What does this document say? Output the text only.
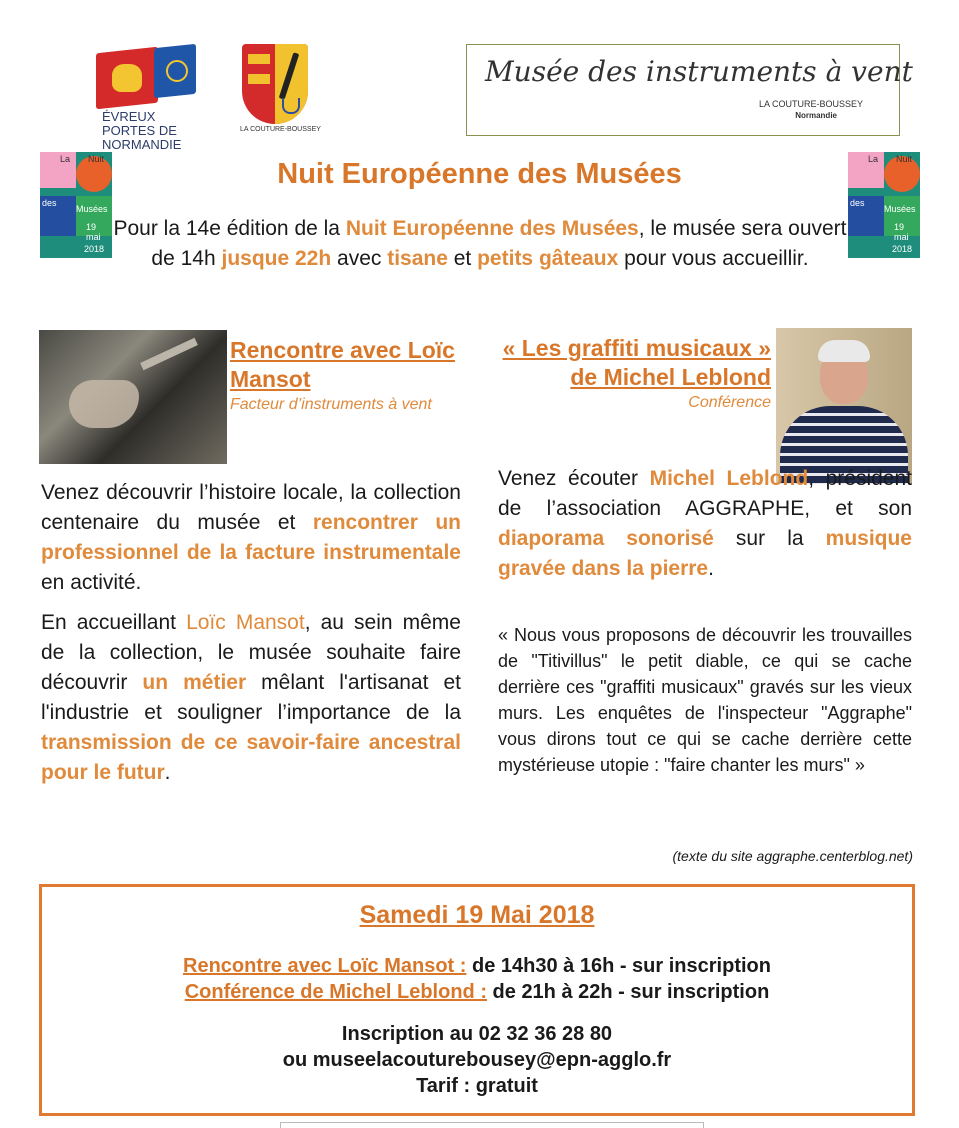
ÉVREUX
PORTES DE NORMANDIE
LA COUTURE-BOUSSEY
Musée des instruments à vent
LA COUTURE-BOUSSEY
Normandie
La Nuit
des
Musées
19 mai
2018
La Nuit
des
Musées
19 mai
2018
Nuit Européenne des Musées
Pour la 14e édition de la Nuit Européenne des Musées, le musée sera ouvert de 14h jusque 22h avec tisane et petits gâteaux pour vous accueillir.
Rencontre avec Loïc Mansot
Facteur d’instruments à vent

Venez découvrir l’histoire locale, la collection centenaire du musée et rencontrer un professionnel de la facture instrumentale en activité.

En accueillant Loïc Mansot, au sein même de la collection, le musée souhaite faire découvrir un métier mêlant l'artisanat et l'industrie et souligner l’importance de la transmission de ce savoir-faire ancestral pour le futur.

« Les graffiti musicaux » de Michel Leblond
Conférence
Venez écouter Michel Leblond, président de l’association AGGRAPHE, et son diaporama sonorisé sur la musique gravée dans la pierre.
« Nous vous proposons de découvrir les trouvailles de "Titivillus" le petit diable, ce qui se cache derrière ces "graffiti musicaux" gravés sur les vieux murs. Les enquêtes de l'inspecteur "Aggraphe" vous dirons tout ce qui se cache derrière cette mystérieuse utopie : "faire chanter les murs" »
(texte du site aggraphe.centerblog.net)
Samedi 19 Mai 2018
Rencontre avec Loïc Mansot : de 14h30 à 16h - sur inscription
Conférence de Michel Leblond : de 21h à 22h - sur inscription
Inscription au 02 32 36 28 80
ou museelacouturebousey@epn-agglo.fr
Tarif : gratuit
